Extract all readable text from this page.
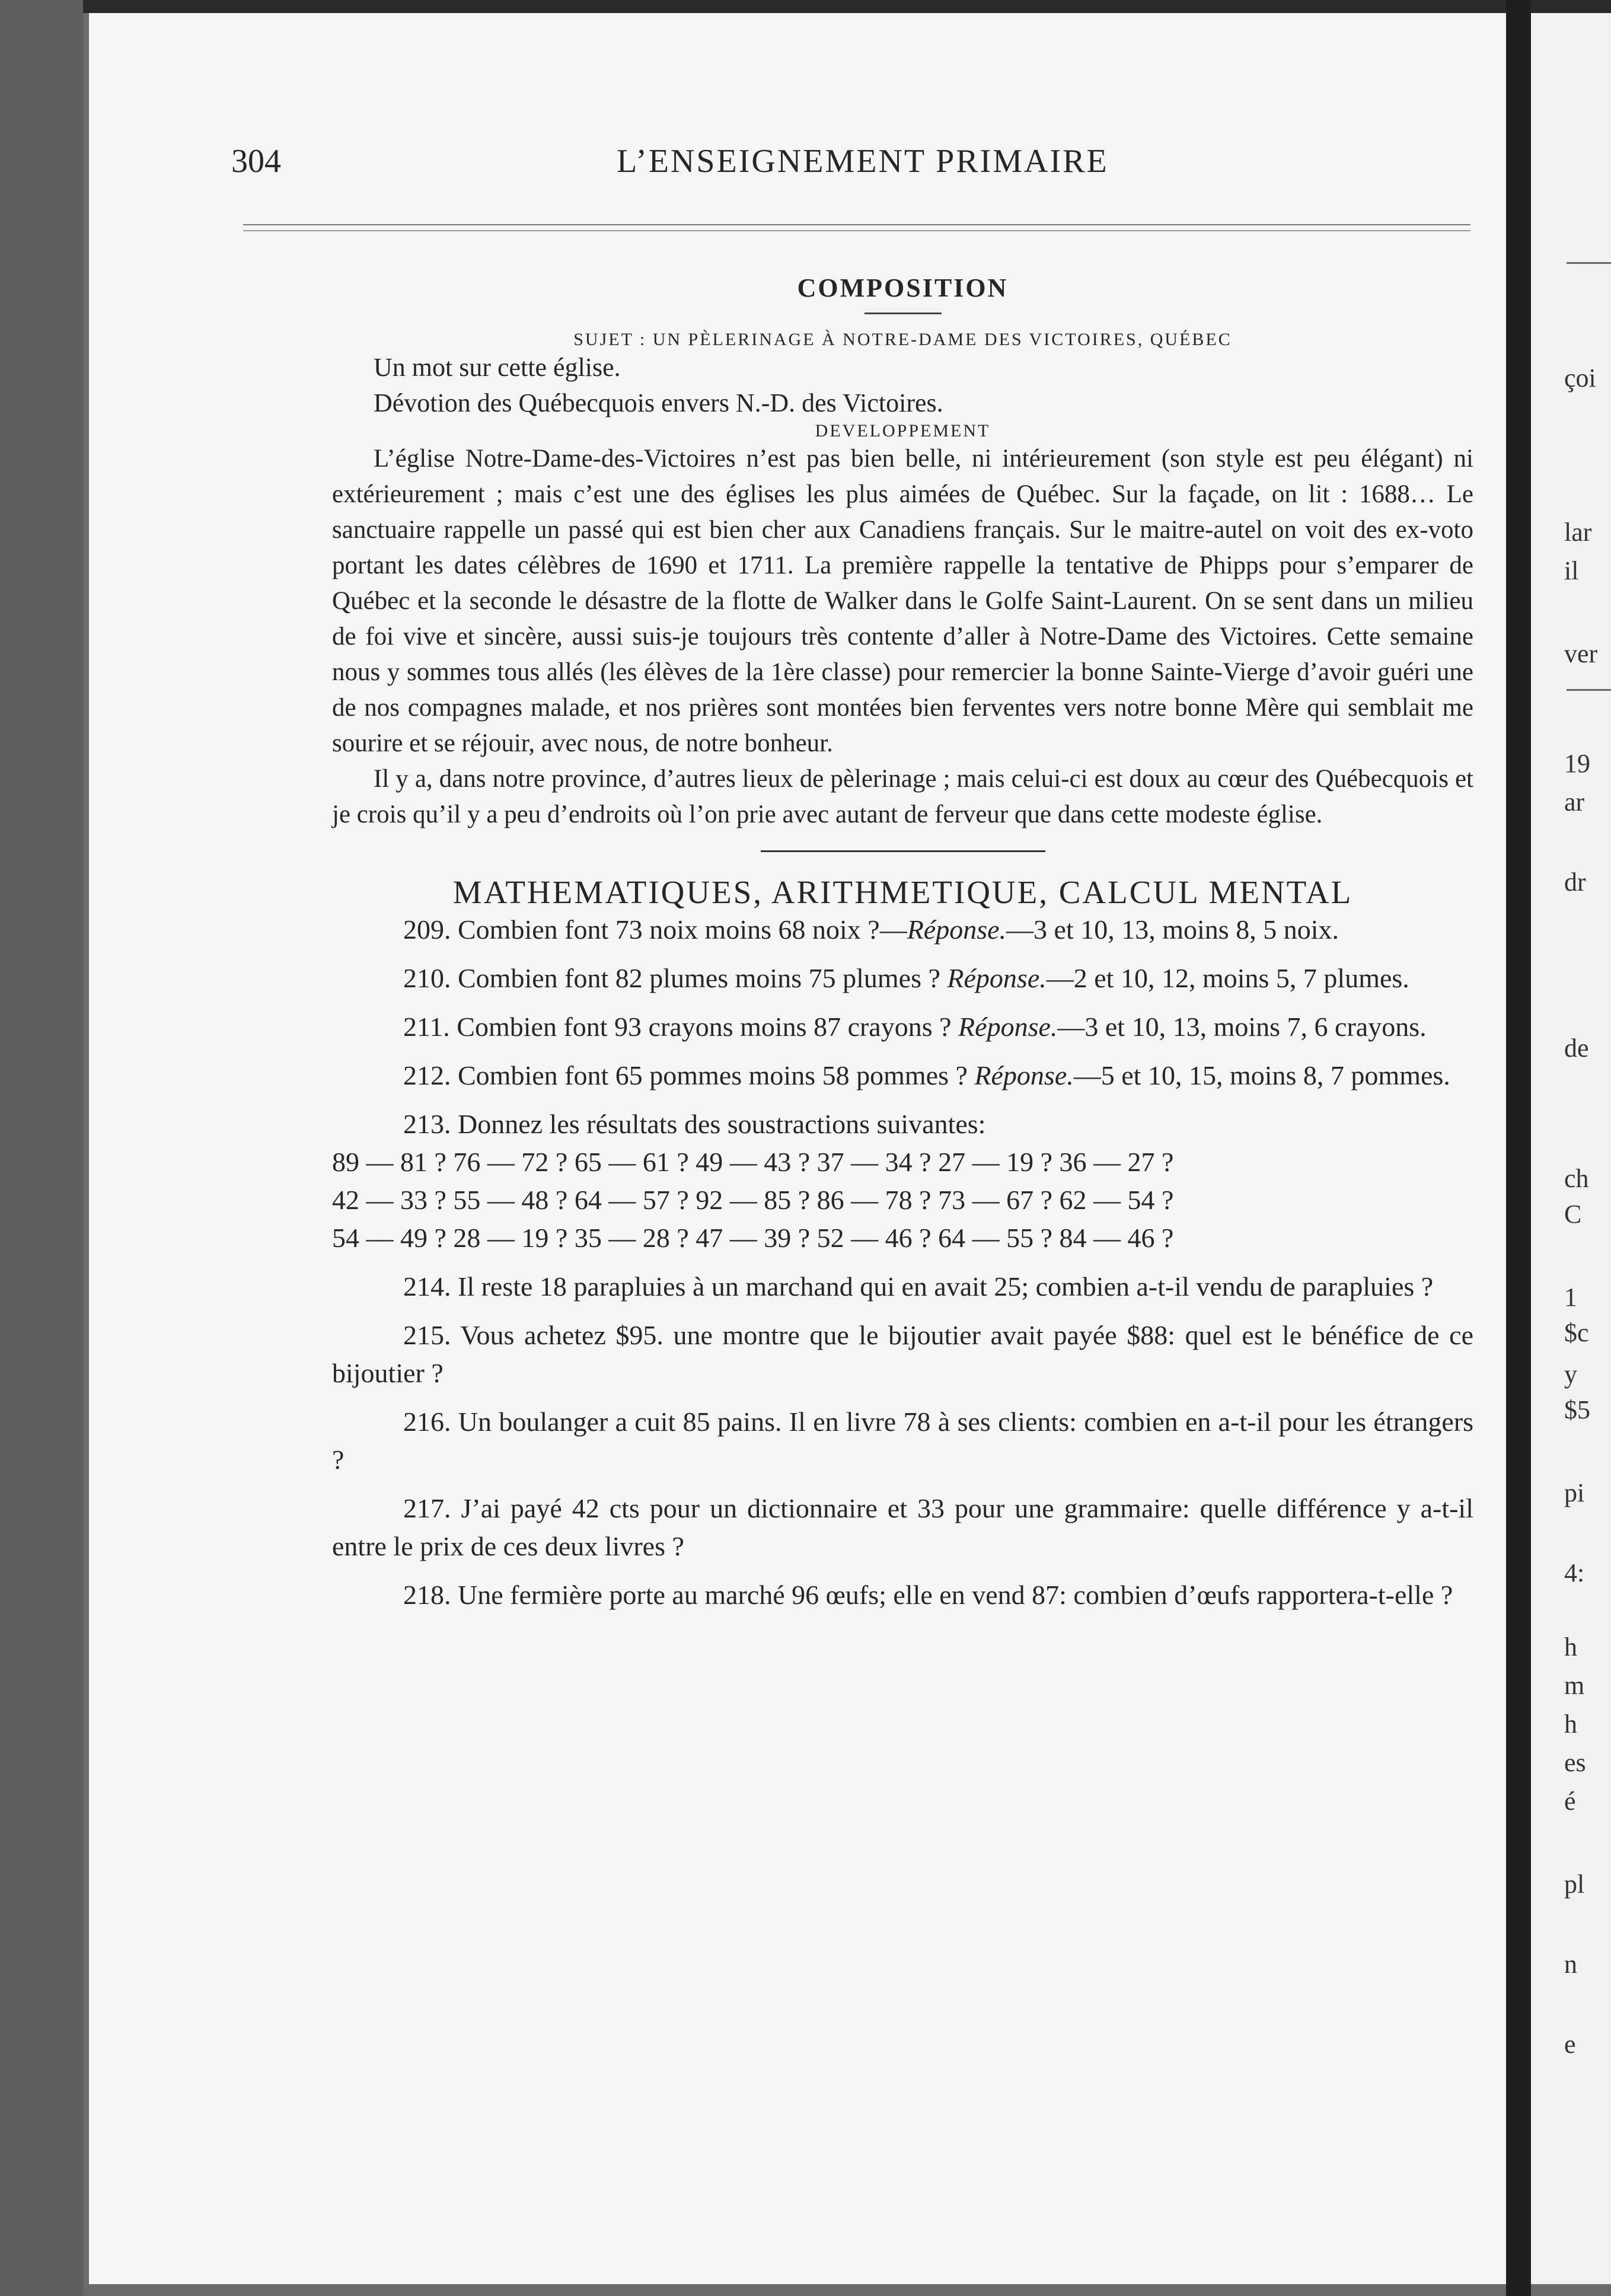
304	L’ENSEIGNEMENT PRIMAIRE

COMPOSITION

SUJET : UN PÈLERINAGE À NOTRE-DAME DES VICTOIRES, QUÉBEC

Un mot sur cette église.

Dévotion des Québecquois envers N.-D. des Victoires.

DEVELOPPEMENT

L’église Notre-Dame-des-Victoires n’est pas bien belle, ni intérieurement (son style est peu élégant) ni extérieurement ; mais c’est une des églises les plus aimées de Québec. Sur la façade, on lit : 1688… Le sanctuaire rappelle un passé qui est bien cher aux Canadiens français. Sur le maitre-autel on voit des ex-voto portant les dates célèbres de 1690 et 1711. La première rappelle la tentative de Phipps pour s’emparer de Québec et la seconde le désastre de la flotte de Walker dans le Golfe Saint-Laurent. On se sent dans un milieu de foi vive et sincère, aussi suis-je toujours très contente d’aller à Notre-Dame des Victoires. Cette semaine nous y sommes tous allés (les élèves de la 1ère classe) pour remercier la bonne Sainte-Vierge d’avoir guéri une de nos compagnes malade, et nos prières sont montées bien ferventes vers notre bonne Mère qui semblait me sourire et se réjouir, avec nous, de notre bonheur.

Il y a, dans notre province, d’autres lieux de pèlerinage ; mais celui-ci est doux au cœur des Québecquois et je crois qu’il y a peu d’endroits où l’on prie avec autant de ferveur que dans cette modeste église.

MATHEMATIQUES, ARITHMETIQUE, CALCUL MENTAL

209. Combien font 73 noix moins 68 noix ?—Réponse.—3 et 10, 13, moins 8, 5 noix.

210. Combien font 82 plumes moins 75 plumes ? Réponse.—2 et 10, 12, moins 5, 7 plumes.

211. Combien font 93 crayons moins 87 crayons ? Réponse.—3 et 10, 13, moins 7, 6 crayons.

212. Combien font 65 pommes moins 58 pommes ? Réponse.—5 et 10, 15, moins 8, 7 pommes.

213. Donnez les résultats des soustractions suivantes:

89 — 81 ? 76 — 72 ? 65 — 61 ? 49 — 43 ? 37 — 34 ? 27 — 19 ? 36 — 27 ?
42 — 33 ? 55 — 48 ? 64 — 57 ? 92 — 85 ? 86 — 78 ? 73 — 67 ? 62 — 54 ?
54 — 49 ? 28 — 19 ? 35 — 28 ? 47 — 39 ? 52 — 46 ? 64 — 55 ? 84 — 46 ?

214. Il reste 18 parapluies à un marchand qui en avait 25; combien a-t-il vendu de parapluies ?

215. Vous achetez $95. une montre que le bijoutier avait payée $88: quel est le bénéfice de ce bijoutier ?

216. Un boulanger a cuit 85 pains. Il en livre 78 à ses clients: combien en a-t-il pour les étrangers ?

217. J’ai payé 42 cts pour un dictionnaire et 33 pour une grammaire: quelle différence y a-t-il entre le prix de ces deux livres ?

218. Une fermière porte au marché 96 œufs; elle en vend 87: combien d’œufs rapportera-t-elle ?

çoi
lar
il
ver
19
ar
dr
de
ch
C
1
$c
y
$5
pi
4:
h
m
h
es
é
pl
n
e
